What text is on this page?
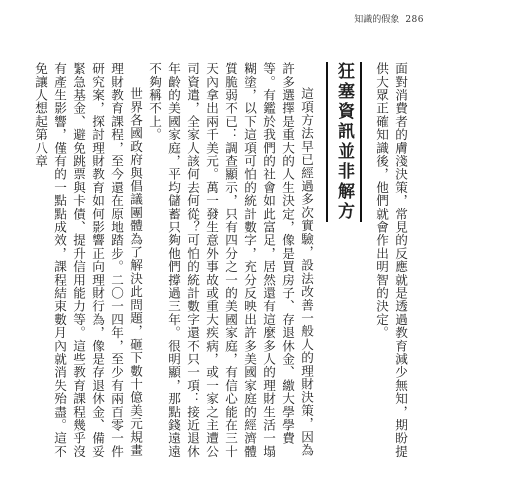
知識的假象 286

面對消費者的膚淺決策，常見的反應就是透過教育減少無知，期盼提供大眾正確知識後，他們就會作出明智的決定。

狂塞資訊並非解方

這項方法早已經過多次實驗，設法改善一般人的理財決策，因為許多選擇是重大的人生決定，像是買房子、存退休金、繳大學學費等。有鑑於我們的社會如此富足，居然還有這麼多人的理財生活一塌糊塗，以下這項可怕的統計數字，充分反映出許多美國家庭的經濟體質脆弱不已：調查顯示，只有四分之一的美國家庭，有信心能在三十天內拿出兩千美元。萬一發生意外事故或重大疾病，或一家之主遭公司資遣，全家人該何去何從？可怕的統計數字還不只一項：接近退休年齡的美國家庭，平均儲蓄只夠他們撐過三年。很明顯，那點錢遠遠不夠稱不上。

世界各國政府與倡議團體為了解決此問題，砸下數十億美元規畫理財教育課程，至今還在原地踏步。二〇一四年，至少有兩百零一件研究案，探討理財教育如何影響正向理財行為，像是存退休金、備妥緊急基金、避免跳票與卡債、提升信用能力等。這些教育課程幾乎沒有產生影響，僅有的一點點成效，課程結束數月內就消失殆盡。這不免讓人想起第八章
